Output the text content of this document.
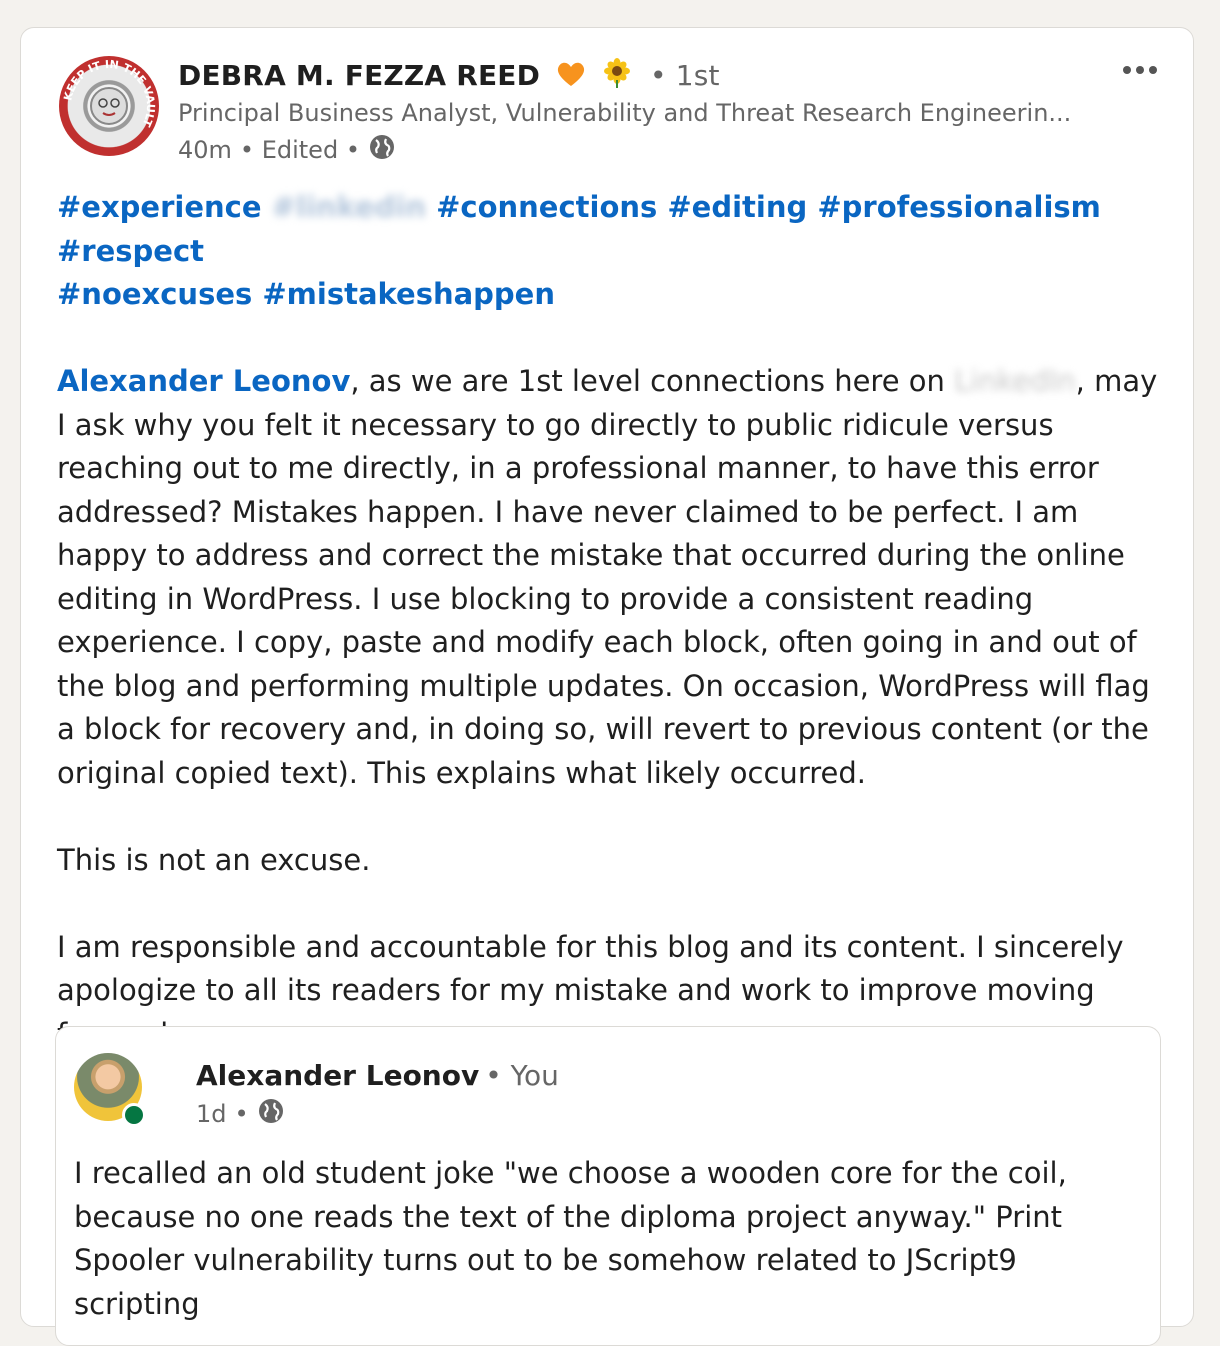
KEEP IT IN THE VAULT
DEBRA M. FEZZA REED	• 1st
Principal Business Analyst, Vulnerability and Threat Research Engineerin...
40m • Edited •

#experience #linkedin #connections #editing #professionalism #respect
#noexcuses #mistakeshappen

Alexander Leonov, as we are 1st level connections here on LinkedIn, may I ask why you felt it necessary to go directly to public ridicule versus reaching out to me directly, in a professional manner, to have this error addressed? Mistakes happen. I have never claimed to be perfect. I am happy to address and correct the mistake that occurred during the online editing in WordPress. I use blocking to provide a consistent reading experience. I copy, paste and modify each block, often going in and out of the blog and performing multiple updates. On occasion, WordPress will flag a block for recovery and, in doing so, will revert to previous content (or the original copied text). This explains what likely occurred.

This is not an excuse.

I am responsible and accountable for this blog and its content. I sincerely apologize to all its readers for my mistake and work to improve moving

Alexander Leonov • You
1d •
I recalled an old student joke "we choose a wooden core for the coil, because no one reads the text of the diploma project anyway." Print Spooler vulnerability turns out to be somehow related to JScript9 scripting
